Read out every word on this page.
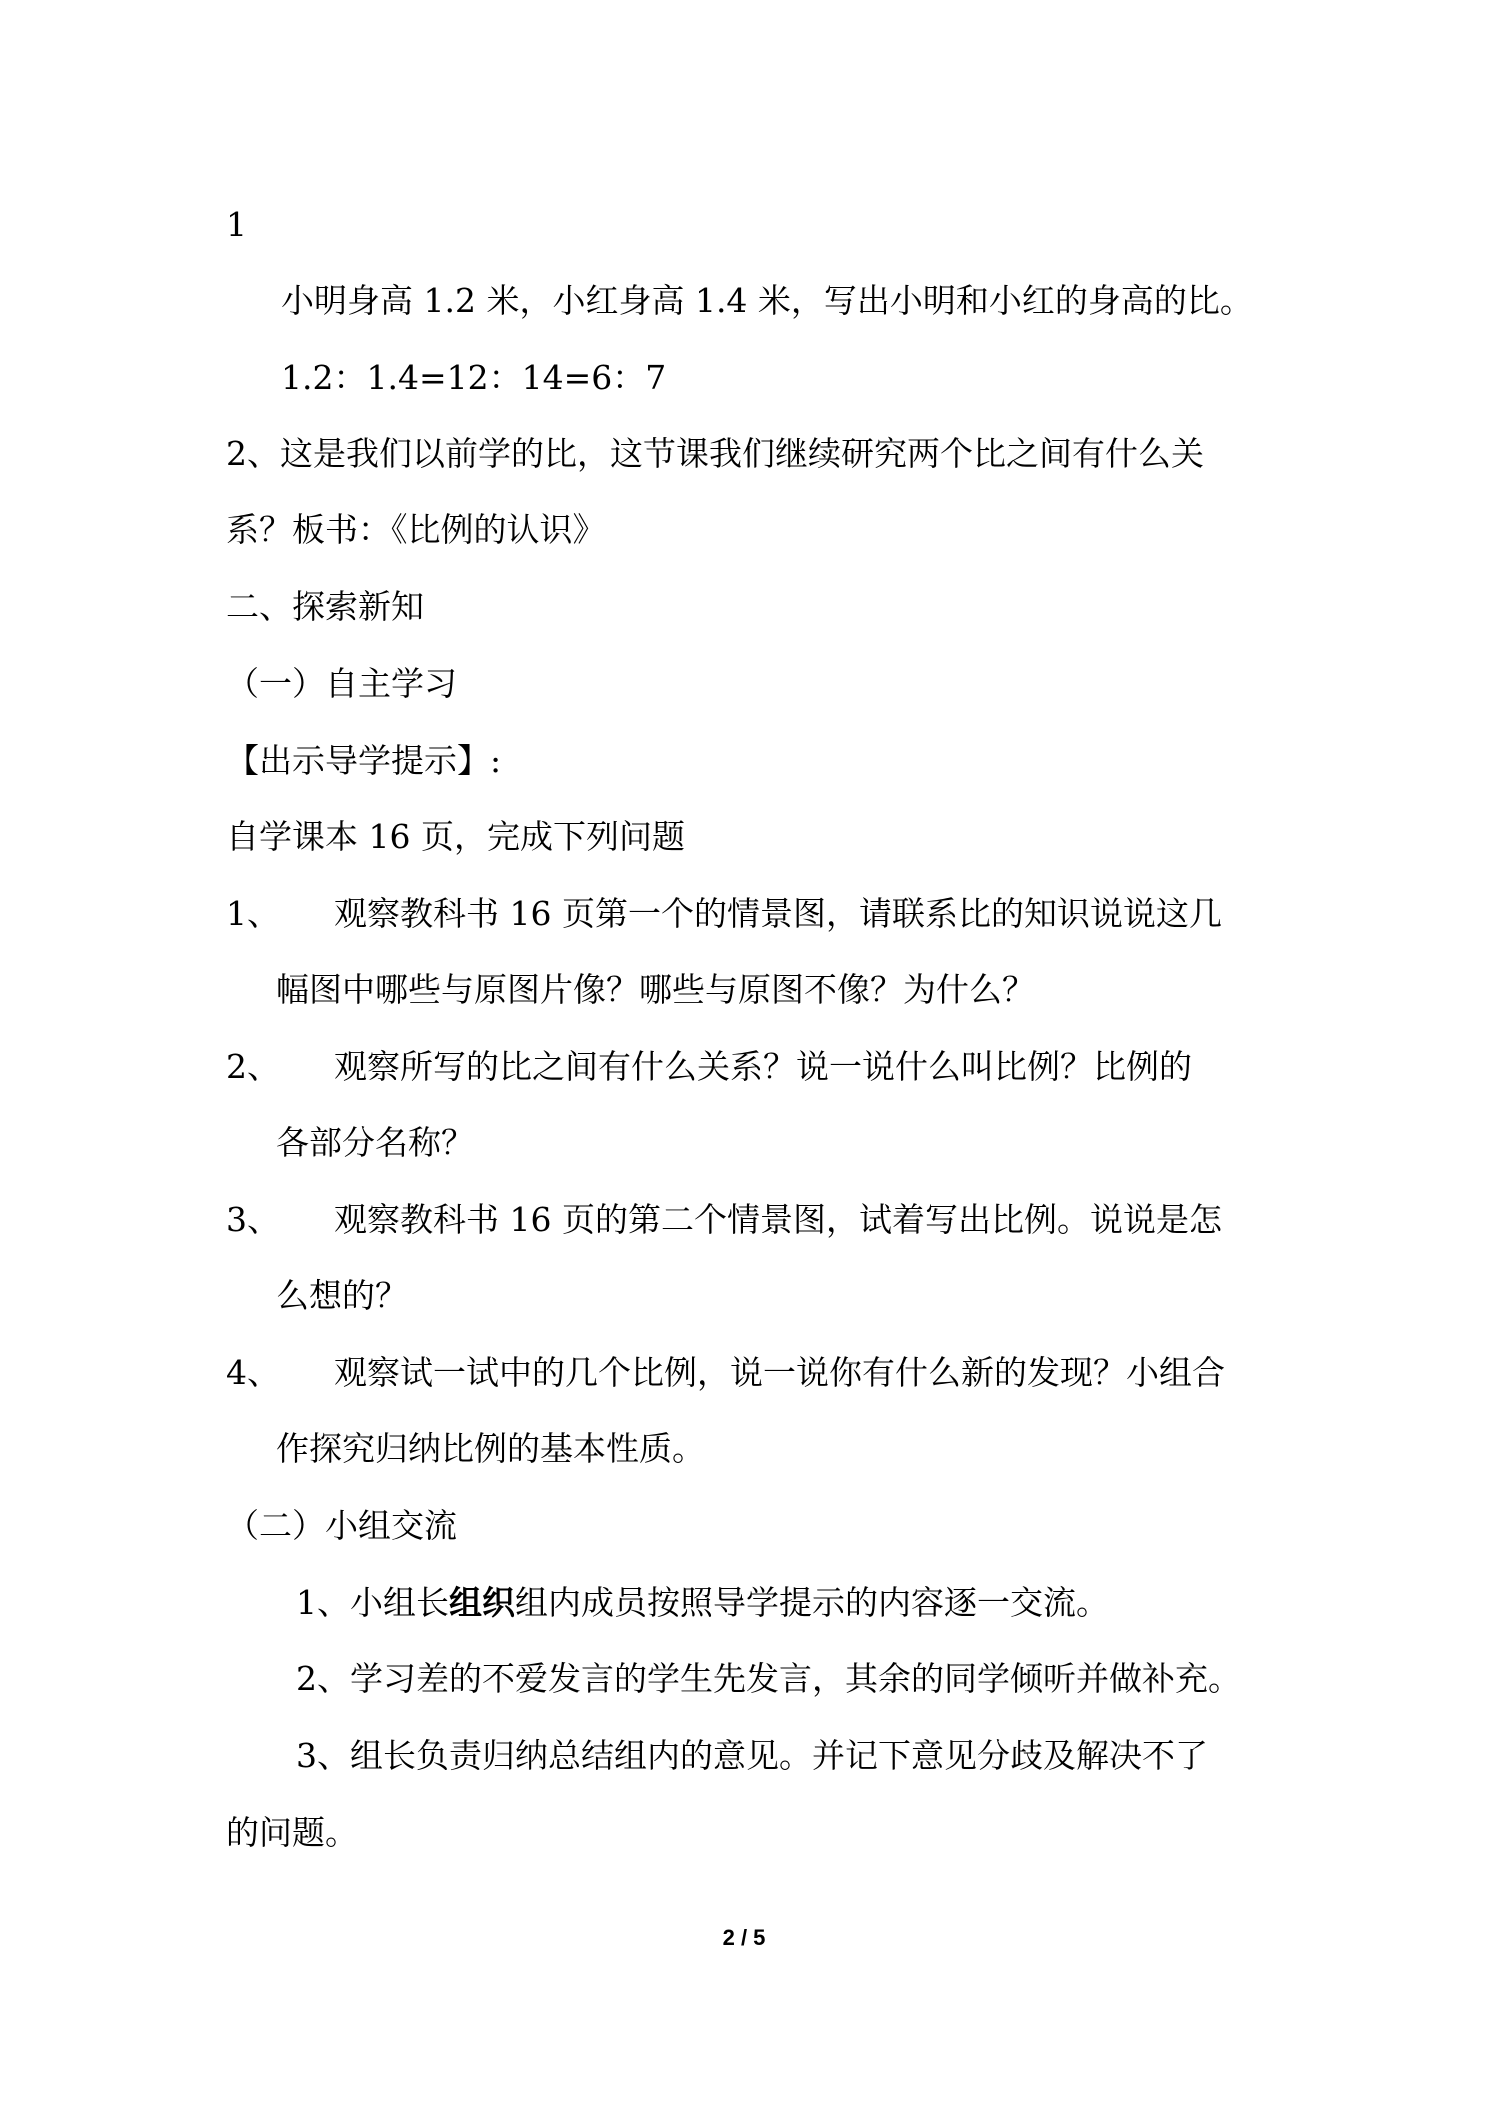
1
小明身高 1.2 米，小红身高 1.4 米，写出小明和小红的身高的比。
1.2：1.4=12：14=6：7
2、这是我们以前学的比，这节课我们继续研究两个比之间有什么关
系？板书：《比例的认识》
二、探索新知
（一）自主学习
【出示导学提示】:
自学课本 16 页，完成下列问题
1、 观察教科书 16 页第一个的情景图，请联系比的知识说说这几
幅图中哪些与原图片像？哪些与原图不像？为什么？
2、 观察所写的比之间有什么关系？说一说什么叫比例？比例的
各部分名称？
3、 观察教科书 16 页的第二个情景图，试着写出比例。说说是怎
么想的？
4、 观察试一试中的几个比例，说一说你有什么新的发现？小组合
作探究归纳比例的基本性质。
（二）小组交流
1、小组长组织组内成员按照导学提示的内容逐一交流。
2、学习差的不爱发言的学生先发言，其余的同学倾听并做补充。
3、组长负责归纳总结组内的意见。并记下意见分歧及解决不了
的问题。
2 / 5
